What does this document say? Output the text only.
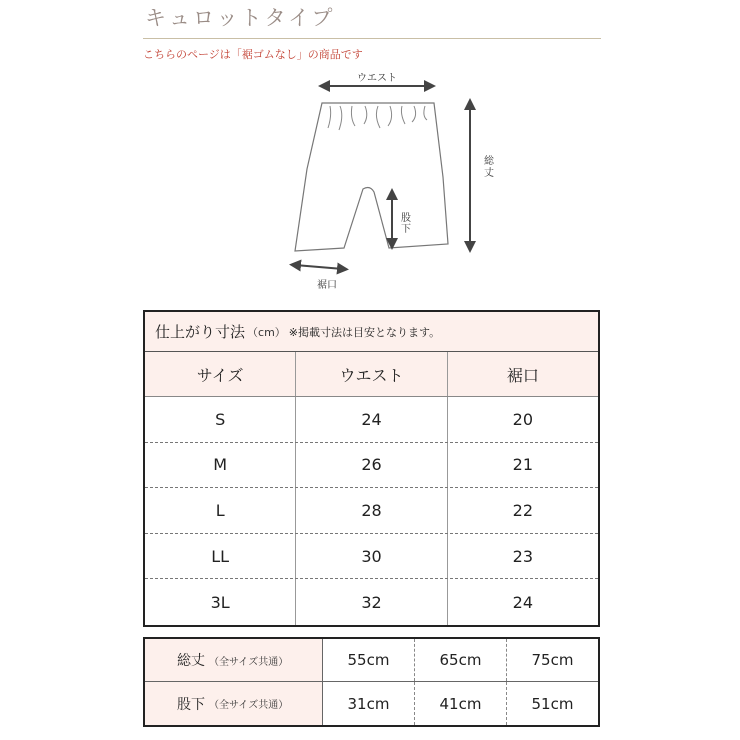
キュロットタイプ
こちらのページは「裾ゴムなし」の商品です
ウエスト
総
丈
股
下
裾口
仕上がり寸法 （cm） ※掲載寸法は目安となります。
サイズ	ウエスト	裾口
S	24	20
M	26	21
L	28	22
LL	30	23
3L	32	24
総丈 （全サイズ共通）	55cm	65cm	75cm
股下 （全サイズ共通）	31cm	41cm	51cm
